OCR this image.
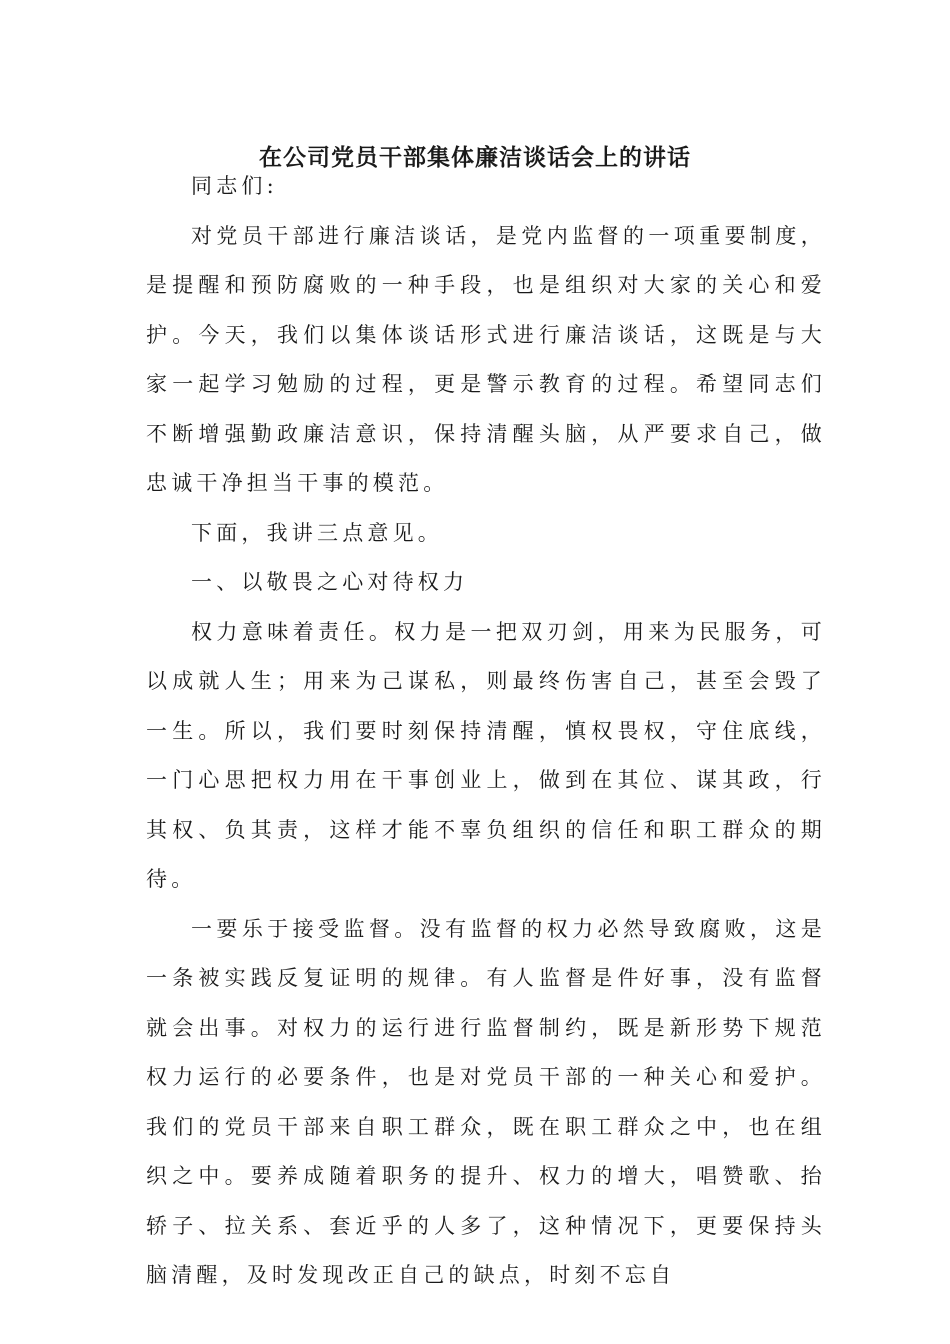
在公司党员干部集体廉洁谈话会上的讲话

同志们:

对党员干部进行廉洁谈话，是党内监督的一项重要制度，是提醒和预防腐败的一种手段，也是组织对大家的关心和爱护。今天，我们以集体谈话形式进行廉洁谈话，这既是与大家一起学习勉励的过程，更是警示教育的过程。希望同志们不断增强勤政廉洁意识，保持清醒头脑，从严要求自己，做忠诚干净担当干事的模范。

下面，我讲三点意见。

一、以敬畏之心对待权力

权力意味着责任。权力是一把双刃剑，用来为民服务，可以成就人生；用来为己谋私，则最终伤害自己，甚至会毁了一生。所以，我们要时刻保持清醒，慎权畏权，守住底线，一门心思把权力用在干事创业上，做到在其位、谋其政，行其权、负其责，这样才能不辜负组织的信任和职工群众的期待。

一要乐于接受监督。没有监督的权力必然导致腐败，这是一条被实践反复证明的规律。有人监督是件好事，没有监督就会出事。对权力的运行进行监督制约，既是新形势下规范权力运行的必要条件，也是对党员干部的一种关心和爱护。我们的党员干部来自职工群众，既在职工群众之中，也在组织之中。要养成随着职务的提升、权力的增大，唱赞歌、抬轿子、拉关系、套近乎的人多了，这种情况下，更要保持头脑清醒，及时发现改正自己的缺点，时刻不忘自
